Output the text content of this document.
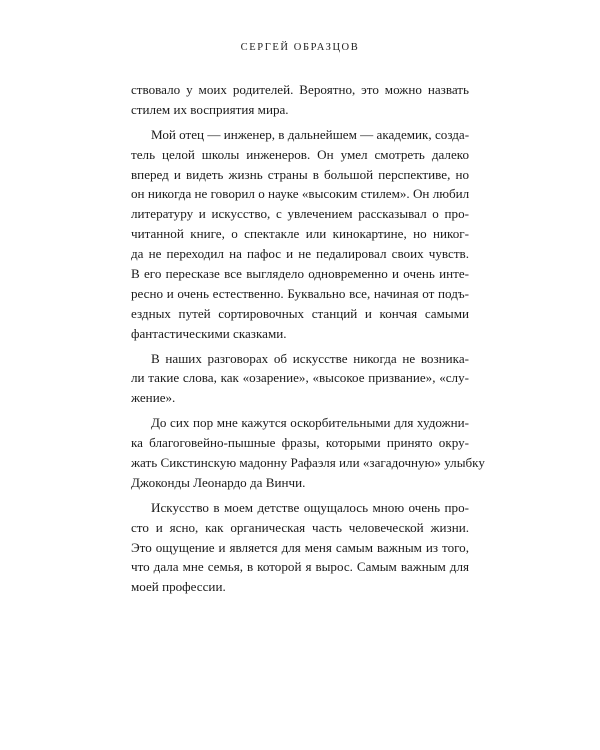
СЕРГЕЙ ОБРАЗЦОВ
ствовало у моих родителей. Вероятно, это можно назвать
стилем их восприятия мира.
Мой отец — инженер, в дальнейшем — академик, созда-
тель целой школы инженеров. Он умел смотреть далеко
вперед и видеть жизнь страны в большой перспективе, но
он никогда не говорил о науке «высоким стилем». Он любил
литературу и искусство, с увлечением рассказывал о про-
читанной книге, о спектакле или кинокартине, но никог-
да не переходил на пафос и не педалировал своих чувств.
В его пересказе все выглядело одновременно и очень инте-
ресно и очень естественно. Буквально все, начиная от подъ-
ездных путей сортировочных станций и кончая самыми
фантастическими сказками.
В наших разговорах об искусстве никогда не возника-
ли такие слова, как «озарение», «высокое призвание», «слу-
жение».
До сих пор мне кажутся оскорбительными для художни-
ка благоговейно-пышные фразы, которыми принято окру-
жать Сикстинскую мадонну Рафаэля или «загадочную» улыбку
Джоконды Леонардо да Винчи.
Искусство в моем детстве ощущалось мною очень про-
сто и ясно, как органическая часть человеческой жизни.
Это ощущение и является для меня самым важным из того,
что дала мне семья, в которой я вырос. Самым важным для
моей профессии.
